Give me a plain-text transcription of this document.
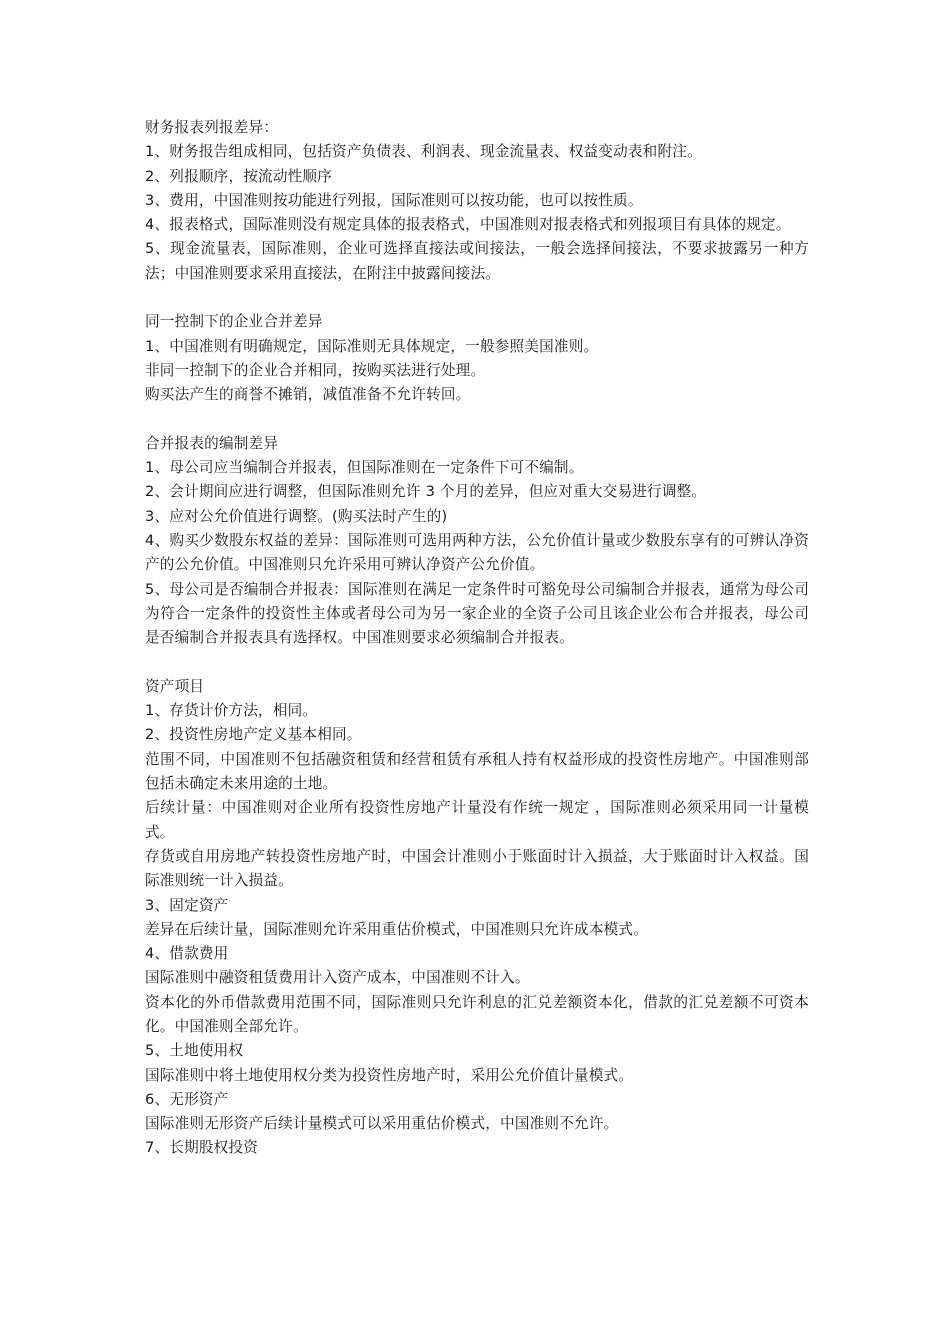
财务报表列报差异：

1、财务报告组成相同，包括资产负债表、利润表、现金流量表、权益变动表和附注。

2、列报顺序，按流动性顺序

3、费用，中国准则按功能进行列报，国际准则可以按功能，也可以按性质。

4、报表格式，国际准则没有规定具体的报表格式，中国准则对报表格式和列报项目有具体的规定。

5、现金流量表，国际准则，企业可选择直接法或间接法，一般会选择间接法，不要求披露另一种方法；中国准则要求采用直接法，在附注中披露间接法。

同一控制下的企业合并差异

1、中国准则有明确规定，国际准则无具体规定，一般参照美国准则。

非同一控制下的企业合并相同，按购买法进行处理。

购买法产生的商誉不摊销，减值准备不允许转回。

合并报表的编制差异

1、母公司应当编制合并报表，但国际准则在一定条件下可不编制。

2、会计期间应进行调整，但国际准则允许 3 个月的差异，但应对重大交易进行调整。

3、应对公允价值进行调整。(购买法时产生的)

4、购买少数股东权益的差异：国际准则可选用两种方法，公允价值计量或少数股东享有的可辨认净资产的公允价值。中国准则只允许采用可辨认净资产公允价值。

5、母公司是否编制合并报表：国际准则在满足一定条件时可豁免母公司编制合并报表，通常为母公司为符合一定条件的投资性主体或者母公司为另一家企业的全资子公司且该企业公布合并报表，母公司是否编制合并报表具有选择权。中国准则要求必须编制合并报表。

资产项目

1、存货计价方法，相同。

2、投资性房地产定义基本相同。

范围不同，中国准则不包括融资租赁和经营租赁有承租人持有权益形成的投资性房地产。中国准则部包括未确定未来用途的土地。

后续计量：中国准则对企业所有投资性房地产计量没有作统一规定 ，国际准则必须采用同一计量模式。

存货或自用房地产转投资性房地产时，中国会计准则小于账面时计入损益，大于账面时计入权益。国际准则统一计入损益。

3、固定资产

差异在后续计量，国际准则允许采用重估价模式，中国准则只允许成本模式。

4、借款费用

国际准则中融资租赁费用计入资产成本，中国准则不计入。

资本化的外币借款费用范围不同，国际准则只允许利息的汇兑差额资本化，借款的汇兑差额不可资本化。中国准则全部允许。

5、土地使用权

国际准则中将土地使用权分类为投资性房地产时，采用公允价值计量模式。

6、无形资产

国际准则无形资产后续计量模式可以采用重估价模式，中国准则不允许。

7、长期股权投资
